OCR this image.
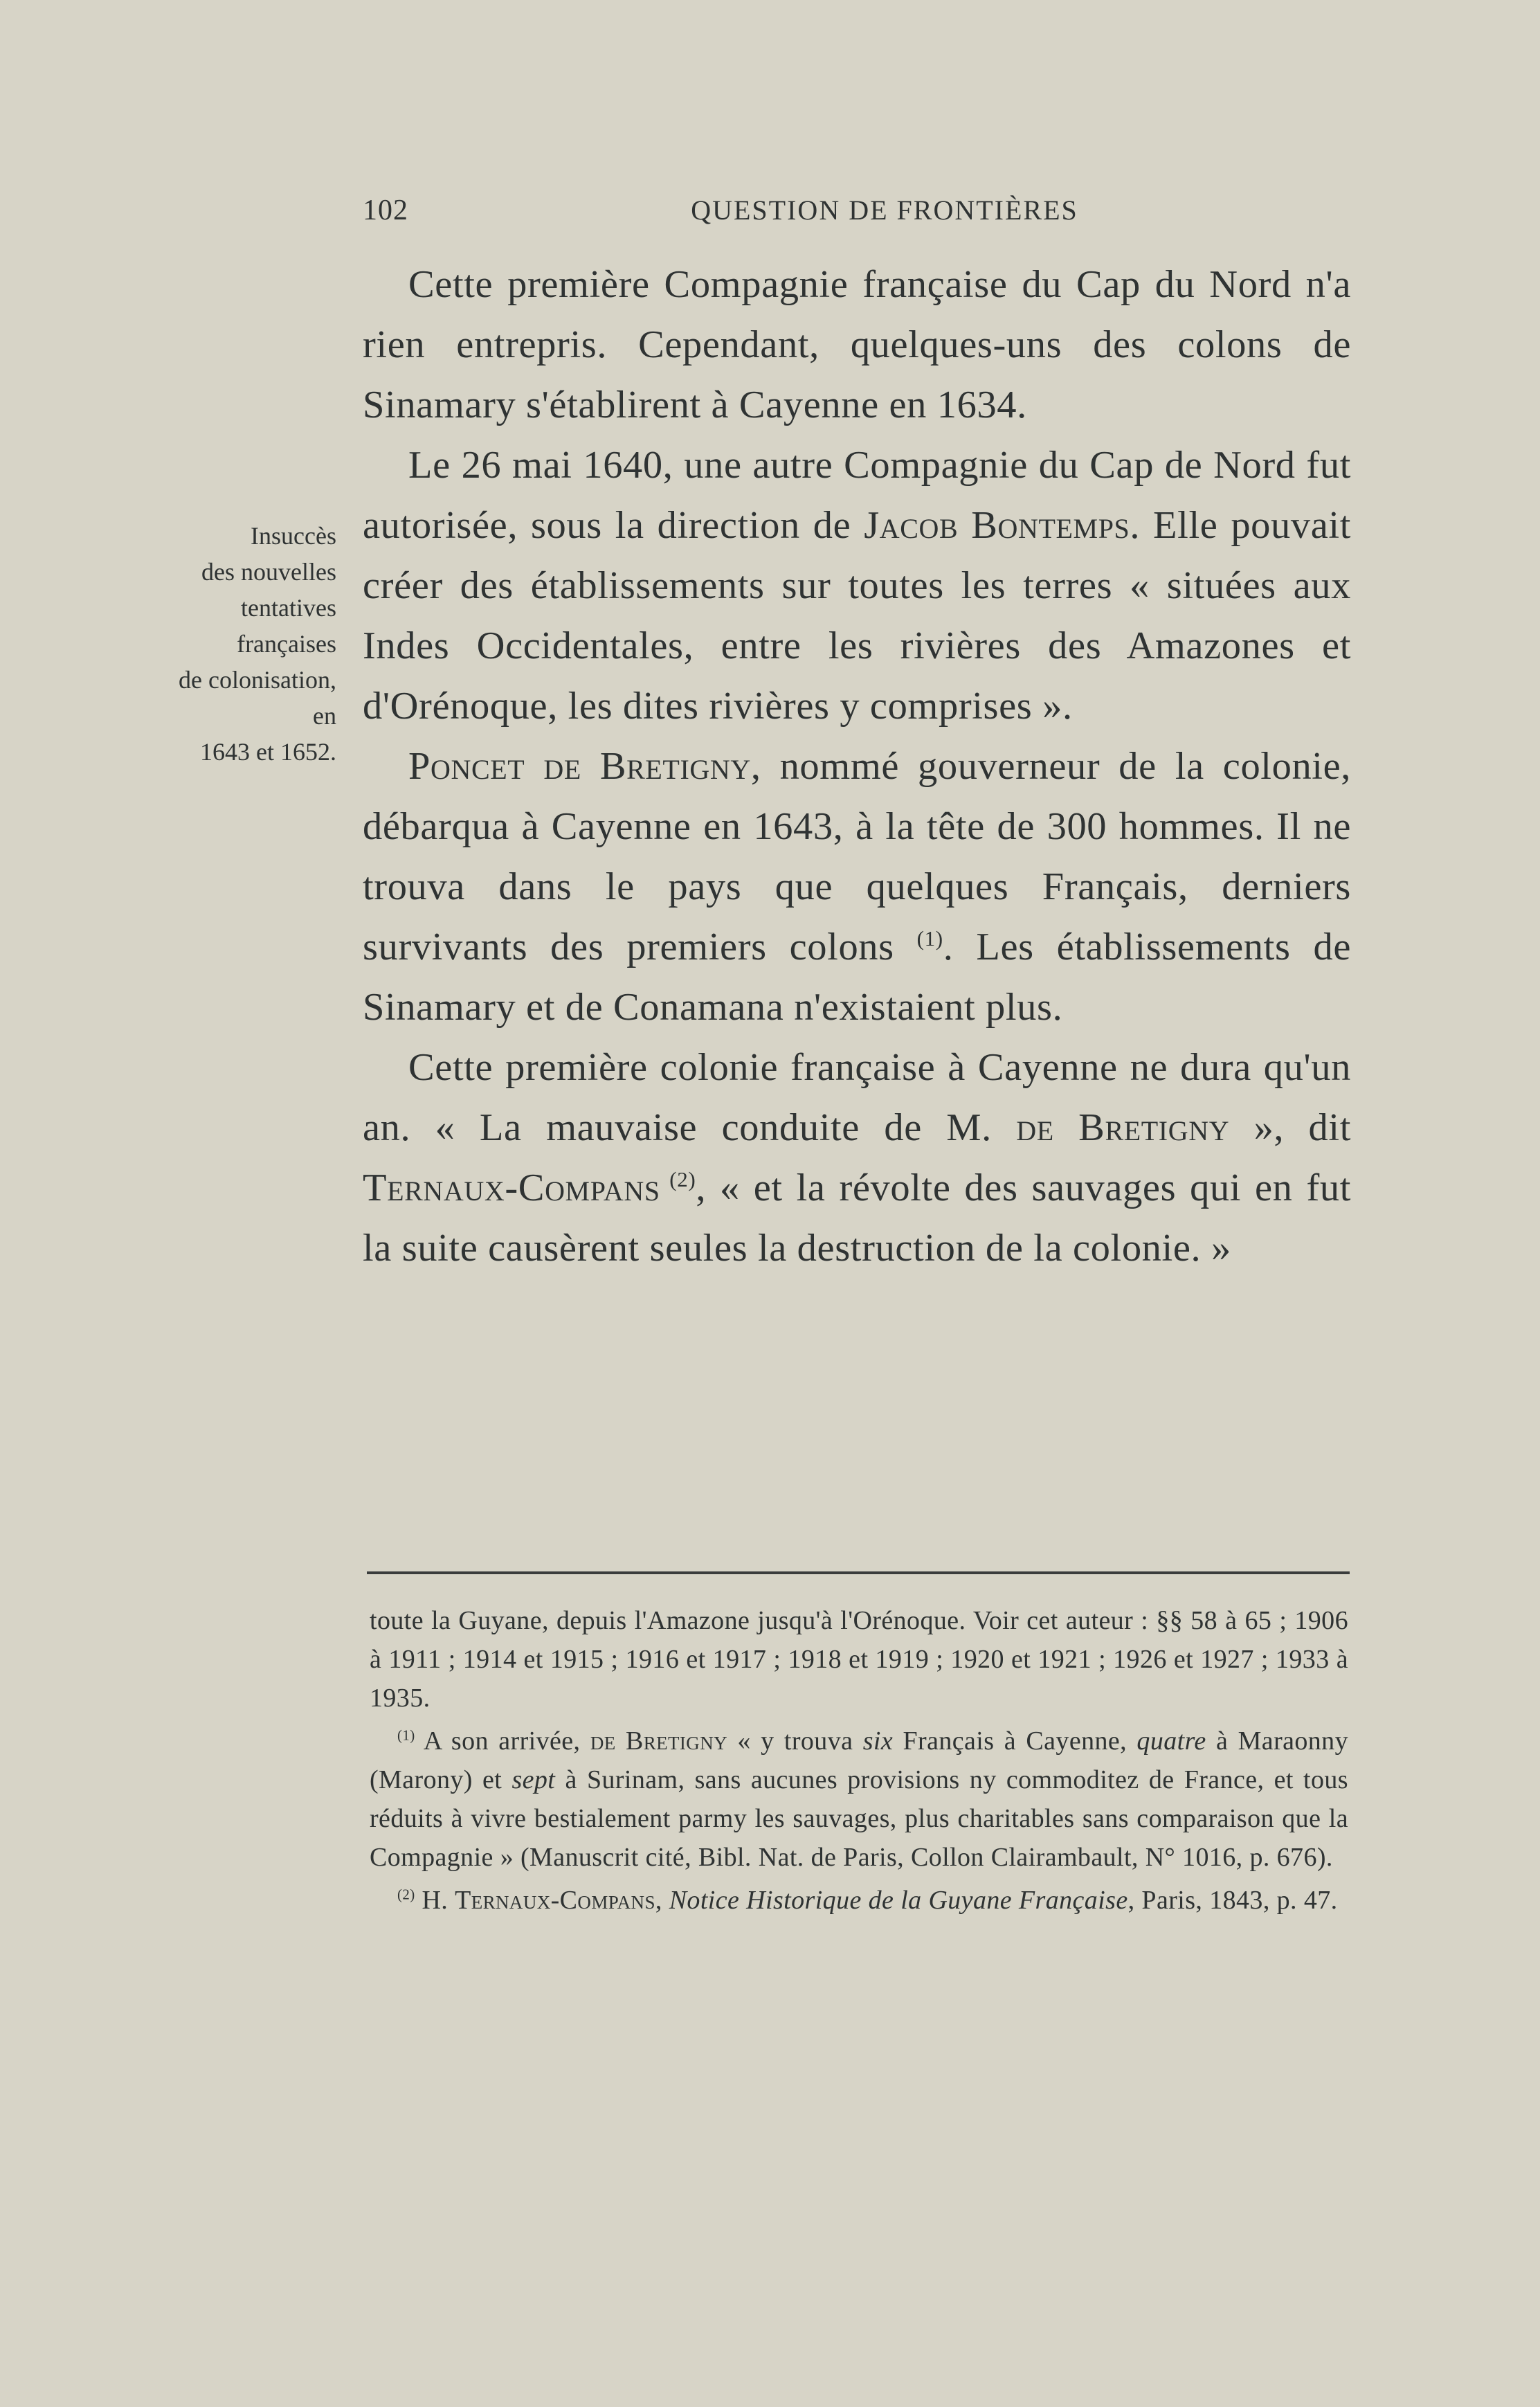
102	QUESTION DE FRONTIÈRES
Insuccès
des nouvelles
tentatives
françaises
de colonisation,
en
1643 et 1652.

Cette première Compagnie française du Cap du Nord n'a rien entrepris. Cependant, quelques-uns des colons de Sinamary s'établirent à Cayenne en 1634.

Le 26 mai 1640, une autre Compagnie du Cap de Nord fut autorisée, sous la direction de Jacob Bontemps. Elle pouvait créer des établissements sur toutes les terres « situées aux Indes Occidentales, entre les rivières des Amazones et d'Orénoque, les dites rivières y comprises ».

Poncet de Bretigny, nommé gouverneur de la colonie, débarqua à Cayenne en 1643, à la tête de 300 hommes. Il ne trouva dans le pays que quelques Français, derniers survivants des premiers colons $^{(1)}$. Les établissements de Sinamary et de Conamana n'existaient plus.

Cette première colonie française à Cayenne ne dura qu'un an. « La mauvaise conduite de M. de Bretigny », dit Ternaux-Compans $^{(2)}$, « et la révolte des sauvages qui en fut la suite causèrent seules la destruction de la colonie. »

toute la Guyane, depuis l'Amazone jusqu'à l'Orénoque. Voir cet auteur : §§ 58 à 65 ; 1906 à 1911 ; 1914 et 1915 ; 1916 et 1917 ; 1918 et 1919 ; 1920 et 1921 ; 1926 et 1927 ; 1933 à 1935.

$^{(1)}$ A son arrivée, de Bretigny « y trouva six Français à Cayenne, quatre à Maraonny (Marony) et sept à Surinam, sans aucunes provisions ny commoditez de France, et tous réduits à vivre bestialement parmy les sauvages, plus charitables sans comparaison que la Compagnie » (Manuscrit cité, Bibl. Nat. de Paris, Collon Clairambault, N° 1016, p. 676).

$^{(2)}$ H. Ternaux-Compans, Notice Historique de la Guyane Française, Paris, 1843, p. 47.
